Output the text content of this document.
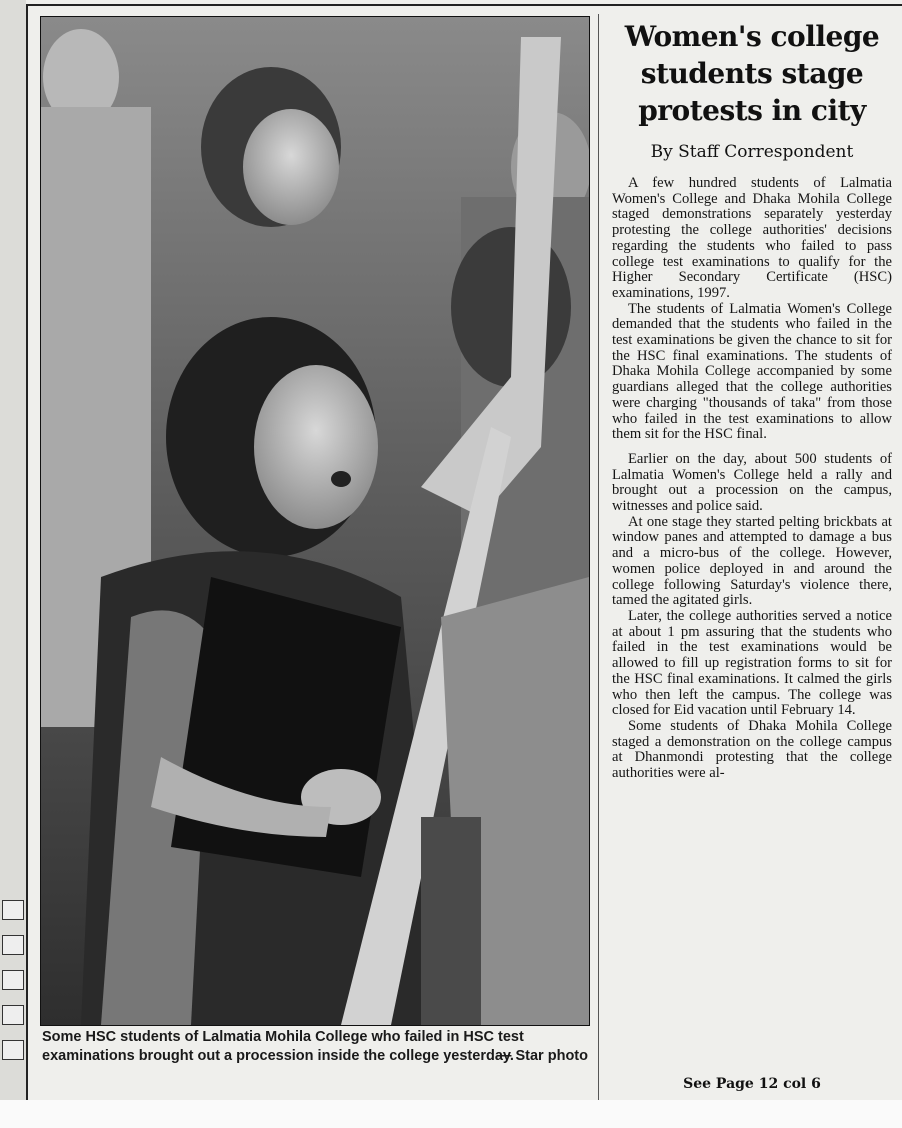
Some HSC students of Lalmatia Mohila College who failed in HSC test examinations brought out a procession inside the college yesterday.
— Star photo
Women's college students stage protests in city
By Staff Correspondent

A few hundred students of Lalmatia Women's College and Dhaka Mohila College staged demonstrations separately yesterday protesting the college authorities' decisions regarding the students who failed to pass college test examinations to qualify for the Higher Secondary Certificate (HSC) examinations, 1997.

The students of Lalmatia Women's College demanded that the students who failed in the test examinations be given the chance to sit for the HSC final examinations. The students of Dhaka Mohila College accompanied by some guardians alleged that the college authorities were charging "thousands of taka" from those who failed in the test examinations to allow them sit for the HSC final.

Earlier on the day, about 500 students of Lalmatia Women's College held a rally and brought out a procession on the campus, witnesses and police said.

At one stage they started pelting brickbats at window panes and attempted to damage a bus and a micro-bus of the college. However, women police deployed in and around the college following Saturday's violence there, tamed the agitated girls.

Later, the college authorities served a notice at about 1 pm assuring that the students who failed in the test examinations would be allowed to fill up registration forms to sit for the HSC final examinations. It calmed the girls who then left the campus. The college was closed for Eid vacation until February 14.

Some students of Dhaka Mohila College staged a demonstration on the college campus at Dhanmondi protesting that the college authorities were al-

See Page 12 col 6
